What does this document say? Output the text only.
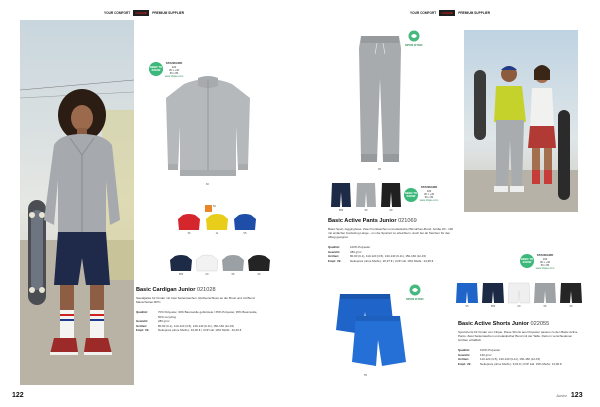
YOUR COMFORT	CLIQUE	PREMIUM SUPPLIER
NEED TO KNOW
STANDARD
100
30 x +40
60 x 80
www.clique.com
60
35	11	55
50
580	00	95	99
Basic Cardigan Junior 021028
Sweatjacke für Kinder mit zwei Seitentaschen. Reißverschluss an der Brust und mit Bund Manschetten-RPC.
Qualität:	70% Polyester, 30% Baumwolle gebürstete / 65% Polyester, 35% Baumwolle, 50% recycling
Gewicht:	280 g/m²
Größen:	80-90 (0-1), 110-120 (3-5), 130-140 (9-11), 150-160 (12-15)
Empf. Vk:	Nettopreis (ohne MwSt.): 34,00 € | UVP inkl. 19% MwSt.: 40,46 €
122
YOUR COMFORT	CLIQUE	PREMIUM SUPPLIER
SPUN DYED
95
580	95	99
NEED TO KNOW
STANDARD
100
30 x +40
60 x 80
www.clique.com
Basic Active Pants Junior 021069
Basic Sport-Jogginghose. Zwei Fronttaschen und elastischer Bündchen-Bund. Größe 90 - 130 mit einfacher Kordelzug Länge - um die Sportart zu erleichtern. Auch bei ab Taschen für den Alltag geeignet.
Qualität:	100% Polyester
Gewicht:	280 g/m²
Größen:	80-90 (0-1), 110-120 (3-5), 130-140 (9-11), 150-160 (12-15)
Empf. Vk:	Nettopreis (ohne MwSt.): 20,97 € | UVP inkl. 19% MwSt.: 24,95 €	NEED TO KNOW
STANDARD
100
30 x +40
60 x 80
www.clique.com
SPUN DYED
55
55	580	00	95	99
Basic Active Shorts Junior 022055
Sportshorts für Kinder von Clique. Diese Shorts aus Polyester passen zu den Basic Active Pants. Zwei Seitentaschen und elastischer Bund mit der Taille. Dazu in verschiedenen Größen erhältlich.
Qualität:	100% Polyester
Gewicht:	150 g/m²
Größen:	110-120 (3-5), 130-140 (9-11), 150-160 (12-15)
Empf. Vk:	Nettopreis (ohne MwSt.): 9,04 € | UVP inkl. 19% MwSt.: 10,90 €
Junior 123
